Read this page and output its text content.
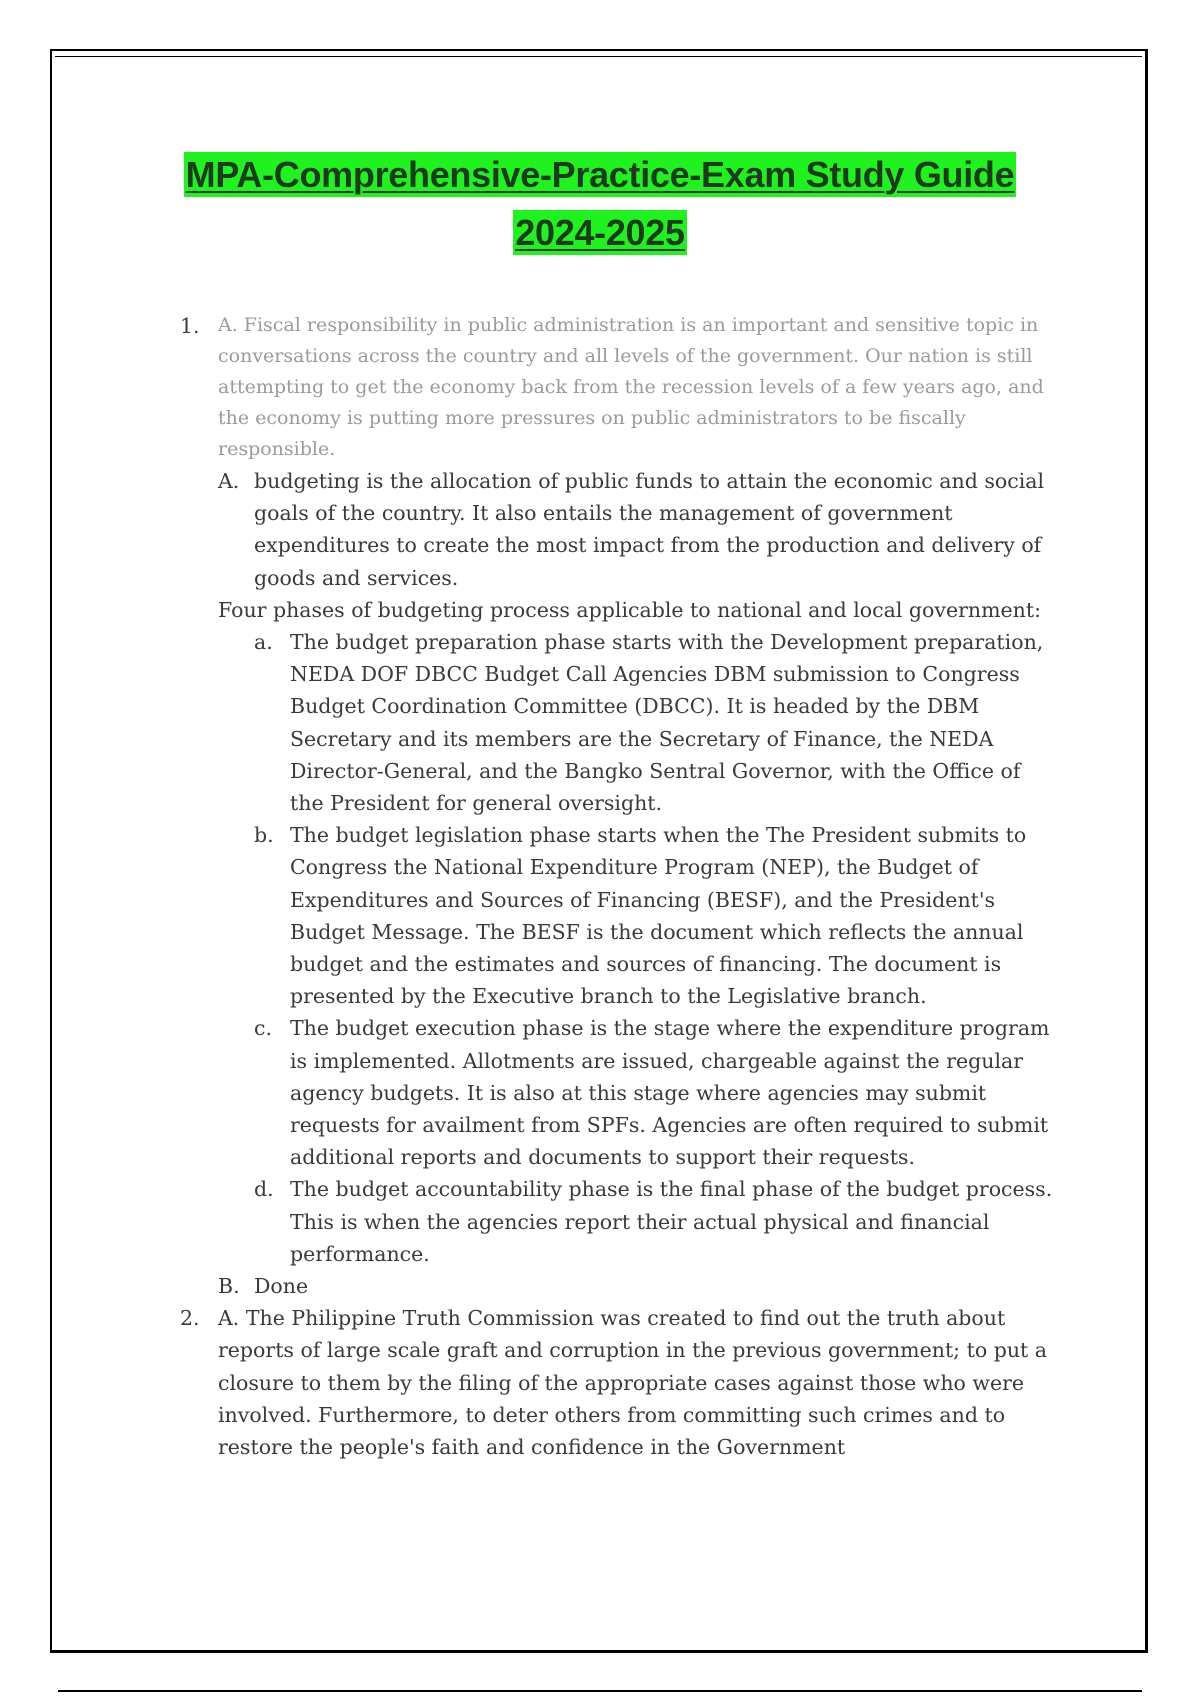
MPA-Comprehensive-Practice-Exam Study Guide
2024-2025
1. A. Fiscal responsibility in public administration is an important and sensitive topic in conversations across the country and all levels of the government. Our nation is still attempting to get the economy back from the recession levels of a few years ago, and the economy is putting more pressures on public administrators to be fiscally responsible.
A. budgeting is the allocation of public funds to attain the economic and social goals of the country. It also entails the management of government expenditures to create the most impact from the production and delivery of goods and services.
Four phases of budgeting process applicable to national and local government:
a. The budget preparation phase starts with the Development preparation, NEDA DOF DBCC Budget Call Agencies DBM submission to Congress Budget Coordination Committee (DBCC). It is headed by the DBM Secretary and its members are the Secretary of Finance, the NEDA Director-General, and the Bangko Sentral Governor, with the Office of the President for general oversight.
b. The budget legislation phase starts when the The President submits to Congress the National Expenditure Program (NEP), the Budget of Expenditures and Sources of Financing (BESF), and the President's Budget Message. The BESF is the document which reflects the annual budget and the estimates and sources of financing. The document is presented by the Executive branch to the Legislative branch.
c. The budget execution phase is the stage where the expenditure program is implemented. Allotments are issued, chargeable against the regular agency budgets. It is also at this stage where agencies may submit requests for availment from SPFs. Agencies are often required to submit additional reports and documents to support their requests.
d. The budget accountability phase is the final phase of the budget process. This is when the agencies report their actual physical and financial performance.
B. Done
2. A. The Philippine Truth Commission was created to find out the truth about reports of large scale graft and corruption in the previous government; to put a closure to them by the filing of the appropriate cases against those who were involved. Furthermore, to deter others from committing such crimes and to restore the people's faith and confidence in the Government
